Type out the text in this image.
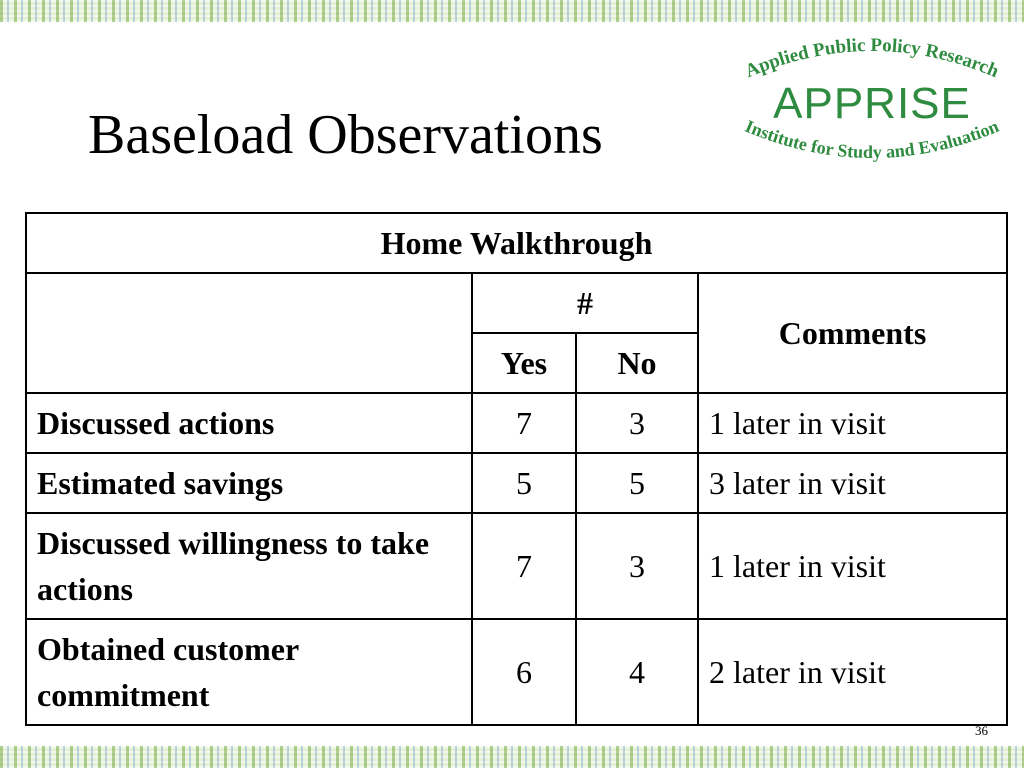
Baseload Observations
Applied Public Policy Research
Institute for Study and Evaluation
APPRISE
Home Walkthrough			
	#		Comments
	Yes	No	
Discussed actions	7	3	1 later in visit
Estimated savings	5	5	3 later in visit
Discussed willingness to take actions	7	3	1 later in visit
Obtained customer commitment	6	4	2 later in visit
36
